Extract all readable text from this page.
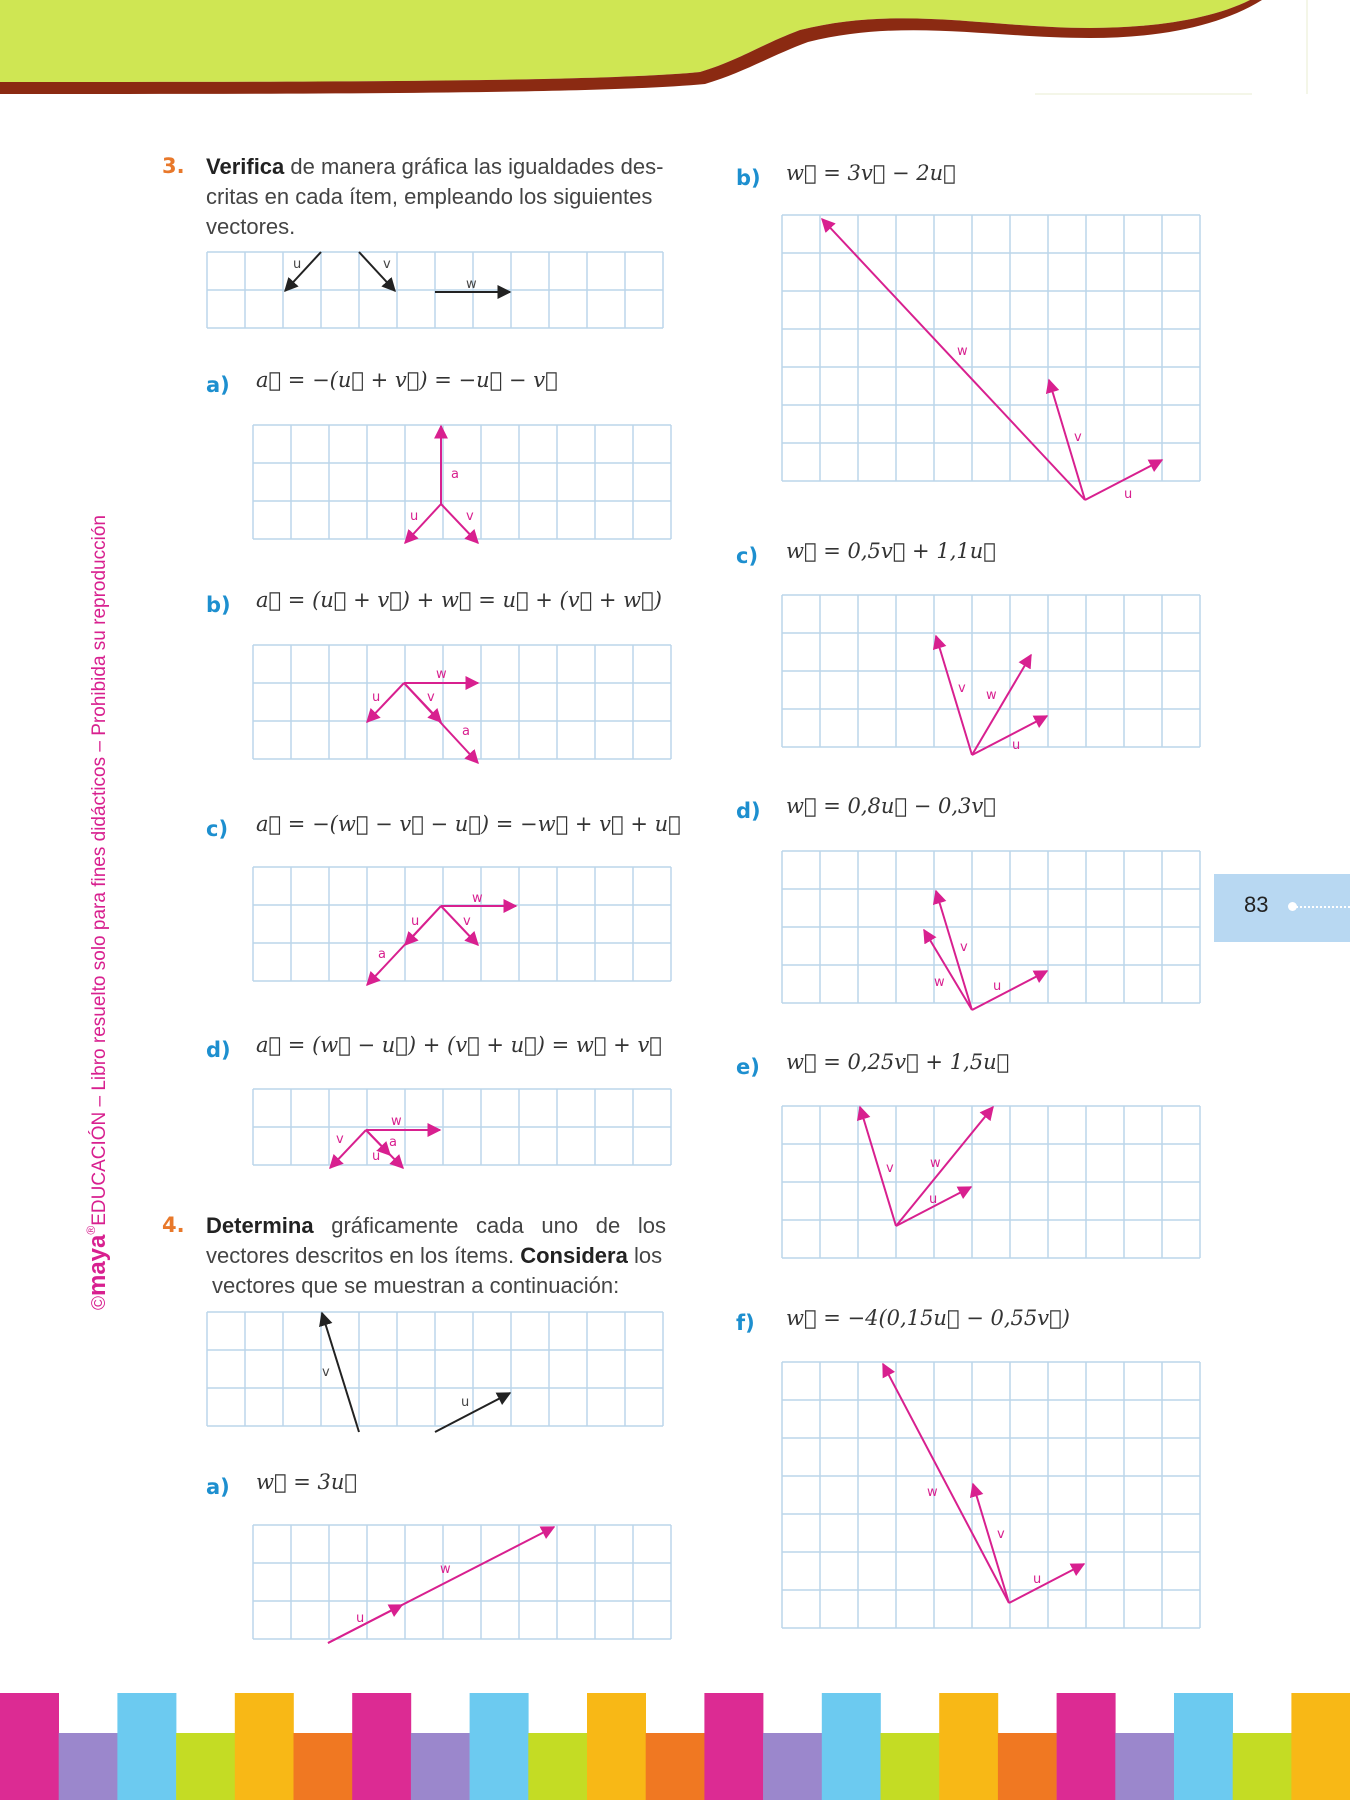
©maya®EDUCACIÓN – Libro resuelto solo para fines didácticos – Prohibida su reproducción	83
3. Verifica de manera gráfica las igualdades des-
critas en cada ítem, empleando los siguientes
vectores.
4. Determina gráficamente cada uno de los
vectores descritos en los ítems. Considera los
vectores que se muestran a continuación:
a) a⃗ = −(u⃗ + v⃗) = −u⃗ − v⃗
b) a⃗ = (u⃗ + v⃗) + w⃗ = u⃗ + (v⃗ + w⃗)
c) a⃗ = −(w⃗ − v⃗ − u⃗) = −w⃗ + v⃗ + u⃗
d) a⃗ = (w⃗ − u⃗) + (v⃗ + u⃗) = w⃗ + v⃗
a) w⃗ = 3u⃗
b) w⃗ = 3v⃗ − 2u⃗
c) w⃗ = 0,5v⃗ + 1,1u⃗
d) w⃗ = 0,8u⃗ − 0,3v⃗
e) w⃗ = 0,25v⃗ + 1,5u⃗
f) w⃗ = −4(0,15u⃗ − 0,55v⃗)
u	v
w
a
u	v
w
u	v
a
w
u	v
a
w
v	a
u
v
u
w
u
w
v
u
v w
u
v
w	u
v	w
u
w
v
u
